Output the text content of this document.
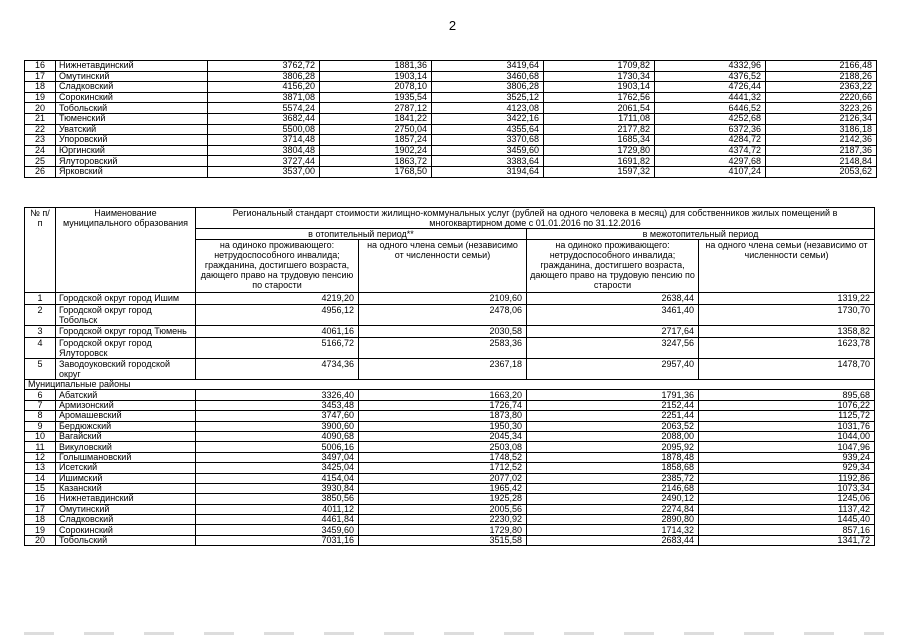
2
16	Нижнетавдинский	3762,72	1881,36	3419,64	1709,82	4332,96	2166,48
17	Омутинский	3806,28	1903,14	3460,68	1730,34	4376,52	2188,26
18	Сладковский	4156,20	2078,10	3806,28	1903,14	4726,44	2363,22
19	Сорокинский	3871,08	1935,54	3525,12	1762,56	4441,32	2220,66
20	Тобольский	5574,24	2787,12	4123,08	2061,54	6446,52	3223,26
21	Тюменский	3682,44	1841,22	3422,16	1711,08	4252,68	2126,34
22	Уватский	5500,08	2750,04	4355,64	2177,82	6372,36	3186,18
23	Упоровский	3714,48	1857,24	3370,68	1685,34	4284,72	2142,36
24	Юргинский	3804,48	1902,24	3459,60	1729,80	4374,72	2187,36
25	Ялуторовский	3727,44	1863,72	3383,64	1691,82	4297,68	2148,84
26	Ярковский	3537,00	1768,50	3194,64	1597,32	4107,24	2053,62
№ п/п	Наименование муниципального образования	Региональный стандарт стоимости жилищно-коммунальных услуг (рублей на одного человека в месяц) для собственников жилых помещений в многоквартирном доме с 01.01.2016 по 31.12.2016			
		в отопительный период**		в межотопительный период	
		на одиноко проживающего: нетрудоспособного инвалида; гражданина, достигшего возраста, дающего право на трудовую пенсию по старости	на одного члена семьи (независимо от численности семьи)	на одиноко проживающего: нетрудоспособного инвалида; гражданина, достигшего возраста, дающего право на трудовую пенсию по старости	на одного члена семьи (независимо от численности семьи)
1	Городской округ город Ишим	4219,20	2109,60	2638,44	1319,22
2	Городской округ город Тобольск	4956,12	2478,06	3461,40	1730,70
3	Городской округ город Тюмень	4061,16	2030,58	2717,64	1358,82
4	Городской округ город Ялуторовск	5166,72	2583,36	3247,56	1623,78
5	Заводоуковский городской округ	4734,36	2367,18	2957,40	1478,70
Муниципальные районы					
6	Абатский	3326,40	1663,20	1791,36	895,68
7	Армизонский	3453,48	1726,74	2152,44	1076,22
8	Аромашевский	3747,60	1873,80	2251,44	1125,72
9	Бердюжский	3900,60	1950,30	2063,52	1031,76
10	Вагайский	4090,68	2045,34	2088,00	1044,00
11	Викуловский	5006,16	2503,08	2095,92	1047,96
12	Голышмановский	3497,04	1748,52	1878,48	939,24
13	Исетский	3425,04	1712,52	1858,68	929,34
14	Ишимский	4154,04	2077,02	2385,72	1192,86
15	Казанский	3930,84	1965,42	2146,68	1073,34
16	Нижнетавдинский	3850,56	1925,28	2490,12	1245,06
17	Омутинский	4011,12	2005,56	2274,84	1137,42
18	Сладковский	4461,84	2230,92	2890,80	1445,40
19	Сорокинский	3459,60	1729,80	1714,32	857,16
20	Тобольский	7031,16	3515,58	2683,44	1341,72
